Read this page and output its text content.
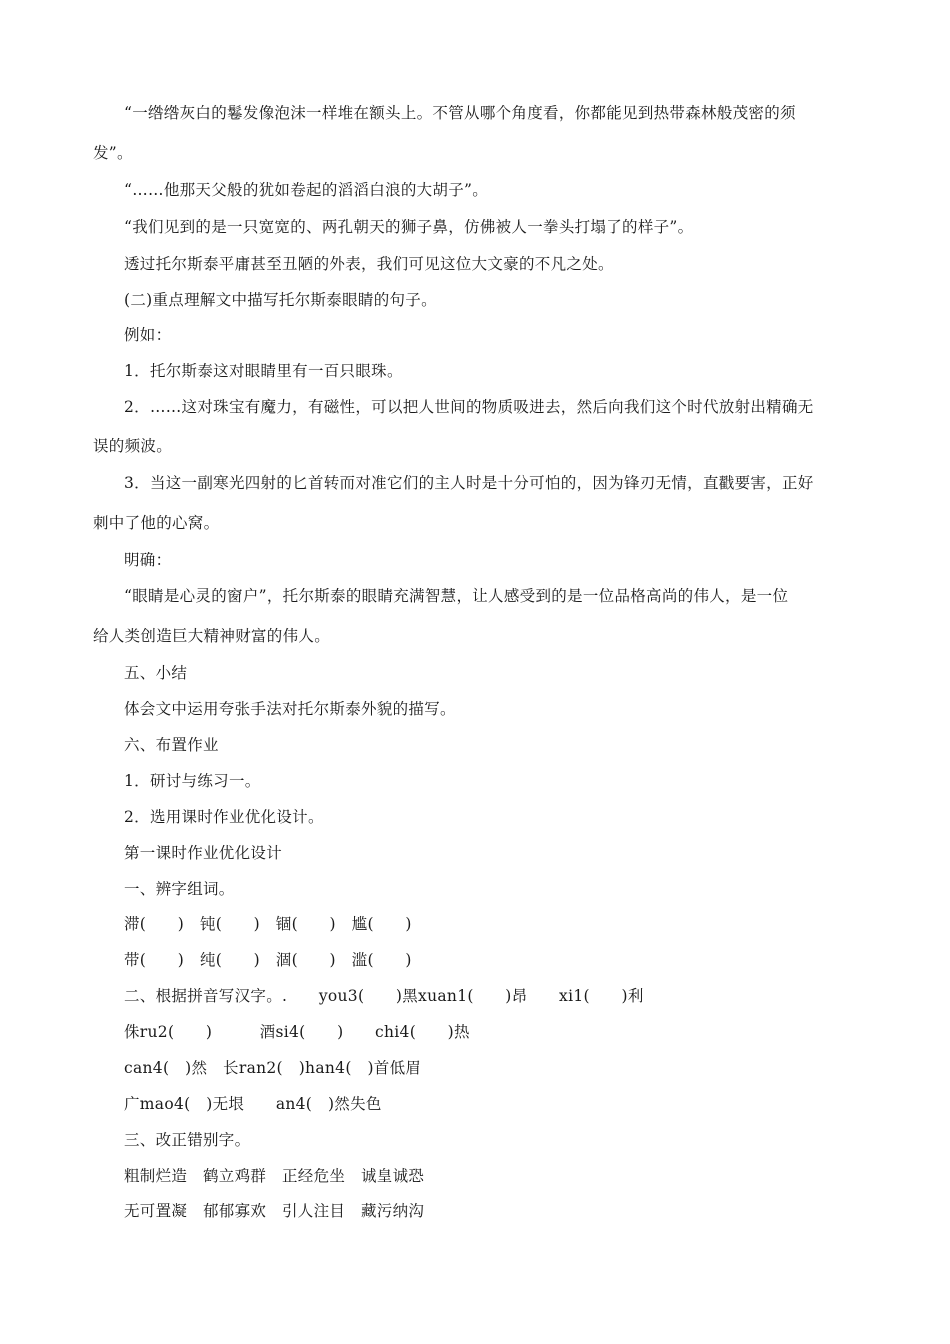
“一绺绺灰白的鬈发像泡沫一样堆在额头上。不管从哪个角度看，你都能见到热带森林般茂密的须
发”。
“……他那天父般的犹如卷起的滔滔白浪的大胡子”。
“我们见到的是一只宽宽的、两孔朝天的狮子鼻，仿佛被人一拳头打塌了的样子”。
透过托尔斯泰平庸甚至丑陋的外表，我们可见这位大文豪的不凡之处。
(二)重点理解文中描写托尔斯泰眼睛的句子。
例如：
1．托尔斯泰这对眼睛里有一百只眼珠。
2．……这对珠宝有魔力，有磁性，可以把人世间的物质吸进去，然后向我们这个时代放射出精确无
误的频波。
3．当这一副寒光四射的匕首转而对准它们的主人时是十分可怕的，因为锋刃无情，直戳要害，正好
刺中了他的心窝。
明确：
“眼睛是心灵的窗户”，托尔斯泰的眼睛充满智慧，让人感受到的是一位品格高尚的伟人，是一位
给人类创造巨大精神财富的伟人。
五、小结
体会文中运用夸张手法对托尔斯泰外貌的描写。
六、布置作业
1．研讨与练习一。
2．选用课时作业优化设计。
第一课时作业优化设计
一、辨字组词。
滞(　　)　钝(　　)　锢(　　)　尴(　　)
带(　　)　纯(　　)　涸(　　)　滥(　　)
二、根据拼音写汉字。.　　you3(　　)黑xuan1(　　)昂　　xi1(　　)利
侏ru2(　　)　　　酒si4(　　)　　chi4(　　)热
can4(　)然　长ran2(　)han4(　)首低眉
广mao4(　)无垠　　an4(　)然失色
三、改正错别字。
粗制烂造　鹤立鸡群　正经危坐　诚皇诚恐
无可置凝　郁郁寡欢　引人注目　藏污纳沟
